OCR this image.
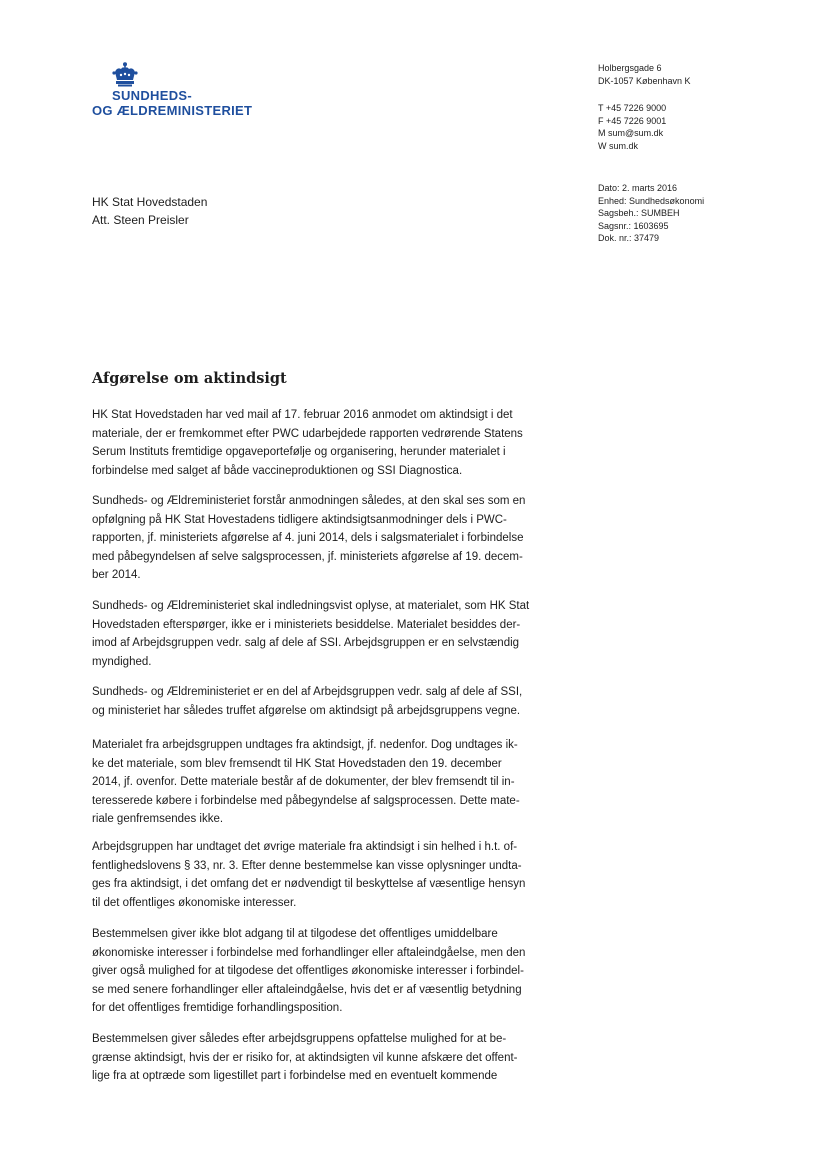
SUNDHEDS-
OG ÆLDREMINISTERIET
Holbergsgade 6
DK-1057 København K
T +45 7226 9000
F +45 7226 9001
M sum@sum.dk
W sum.dk
Dato: 2. marts 2016
Enhed: Sundhedsøkonomi
Sagsbeh.: SUMBEH
Sagsnr.: 1603695
Dok. nr.: 37479
HK Stat Hovedstaden
Att. Steen Preisler
Afgørelse om aktindsigt
HK Stat Hovedstaden har ved mail af 17. februar 2016 anmodet om aktindsigt i det
materiale, der er fremkommet efter PWC udarbejdede rapporten vedrørende Statens
Serum Instituts fremtidige opgaveportefølje og organisering, herunder materialet i
forbindelse med salget af både vaccineproduktionen og SSI Diagnostica.
Sundheds- og Ældreministeriet forstår anmodningen således, at den skal ses som en
opfølgning på HK Stat Hovestadens tidligere aktindsigtsanmodninger dels i PWC-
rapporten, jf. ministeriets afgørelse af 4. juni 2014, dels i salgsmaterialet i forbindelse
med påbegyndelsen af selve salgsprocessen, jf. ministeriets afgørelse af 19. decem-
ber 2014.
Sundheds- og Ældreministeriet skal indledningsvist oplyse, at materialet, som HK Stat
Hovedstaden efterspørger, ikke er i ministeriets besiddelse. Materialet besiddes der-
imod af Arbejdsgruppen vedr. salg af dele af SSI. Arbejdsgruppen er en selvstændig
myndighed.
Sundheds- og Ældreministeriet er en del af Arbejdsgruppen vedr. salg af dele af SSI,
og ministeriet har således truffet afgørelse om aktindsigt på arbejdsgruppens vegne.
Materialet fra arbejdsgruppen undtages fra aktindsigt, jf. nedenfor. Dog undtages ik-
ke det materiale, som blev fremsendt til HK Stat Hovedstaden den 19. december
2014, jf. ovenfor. Dette materiale består af de dokumenter, der blev fremsendt til in-
teresserede købere i forbindelse med påbegyndelse af salgsprocessen. Dette mate-
riale genfremsendes ikke.
Arbejdsgruppen har undtaget det øvrige materiale fra aktindsigt i sin helhed i h.t. of-
fentlighedslovens § 33, nr. 3. Efter denne bestemmelse kan visse oplysninger undta-
ges fra aktindsigt, i det omfang det er nødvendigt til beskyttelse af væsentlige hensyn
til det offentliges økonomiske interesser.
Bestemmelsen giver ikke blot adgang til at tilgodese det offentliges umiddelbare
økonomiske interesser i forbindelse med forhandlinger eller aftaleindgåelse, men den
giver også mulighed for at tilgodese det offentliges økonomiske interesser i forbindel-
se med senere forhandlinger eller aftaleindgåelse, hvis det er af væsentlig betydning
for det offentliges fremtidige forhandlingsposition.
Bestemmelsen giver således efter arbejdsgruppens opfattelse mulighed for at be-
grænse aktindsigt, hvis der er risiko for, at aktindsigten vil kunne afskære det offent-
lige fra at optræde som ligestillet part i forbindelse med en eventuelt kommende
